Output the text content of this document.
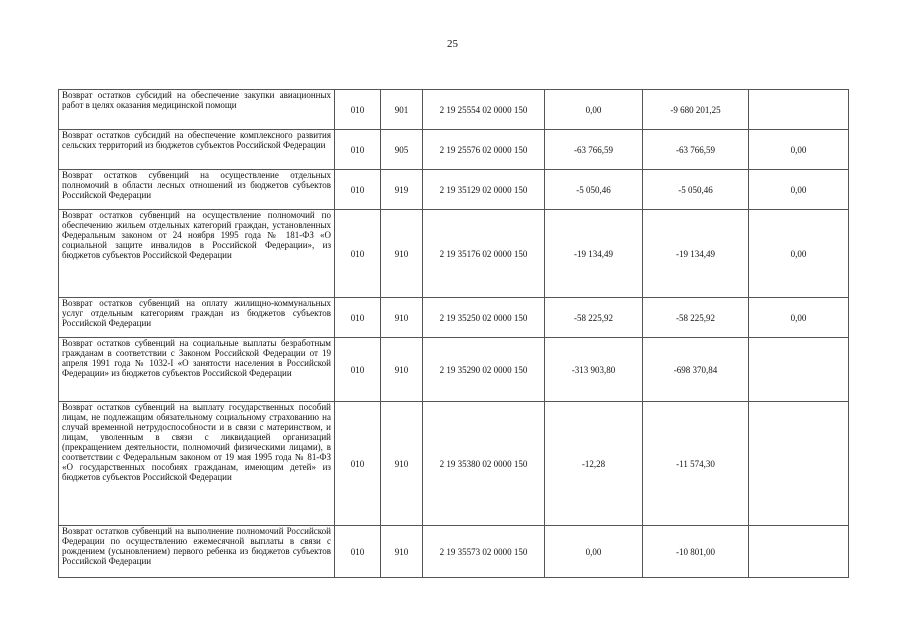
25
Возврат остатков субсидий на обеспечение закупки авиационных работ в целях оказания медицинской помощи	010	901	2 19 25554 02 0000 150	0,00	-9 680 201,25	
Возврат остатков субсидий на обеспечение комплексного развития сельских территорий из бюджетов субъектов Российской Федерации	010	905	2 19 25576 02 0000 150	-63 766,59	-63 766,59	0,00
Возврат остатков субвенций на осуществление отдельных полномочий в области лесных отношений из бюджетов субъектов Российской Федерации	010	919	2 19 35129 02 0000 150	-5 050,46	-5 050,46	0,00
Возврат остатков субвенций на осуществление полномочий по обеспечению жильем отдельных категорий граждан, установленных Федеральным законом от 24 ноября 1995 года № 181-ФЗ «О социальной защите инвалидов в Российской Федерации», из бюджетов субъектов Российской Федерации	010	910	2 19 35176 02 0000 150	-19 134,49	-19 134,49	0,00
Возврат остатков субвенций на оплату жилищно-коммунальных услуг отдельным категориям граждан из бюджетов субъектов Российской Федерации	010	910	2 19 35250 02 0000 150	-58 225,92	-58 225,92	0,00
Возврат остатков субвенций на социальные выплаты безработным гражданам в соответствии с Законом Российской Федерации от 19 апреля 1991 года № 1032-I «О занятости населения в Российской Федерации» из бюджетов субъектов Российской Федерации	010	910	2 19 35290 02 0000 150	-313 903,80	-698 370,84	
Возврат остатков субвенций на выплату государственных пособий лицам, не подлежащим обязательному социальному страхованию на случай временной нетрудоспособности и в связи с материнством, и лицам, уволенным в связи с ликвидацией организаций (прекращением деятельности, полномочий физическими лицами), в соответствии с Федеральным законом от 19 мая 1995 года № 81-ФЗ «О государственных пособиях гражданам, имеющим детей» из бюджетов субъектов Российской Федерации	010	910	2 19 35380 02 0000 150	-12,28	-11 574,30	
Возврат остатков субвенций на выполнение полномочий Российской Федерации по осуществлению ежемесячной выплаты в связи с рождением (усыновлением) первого ребенка из бюджетов субъектов Российской Федерации	010	910	2 19 35573 02 0000 150	0,00	-10 801,00	
